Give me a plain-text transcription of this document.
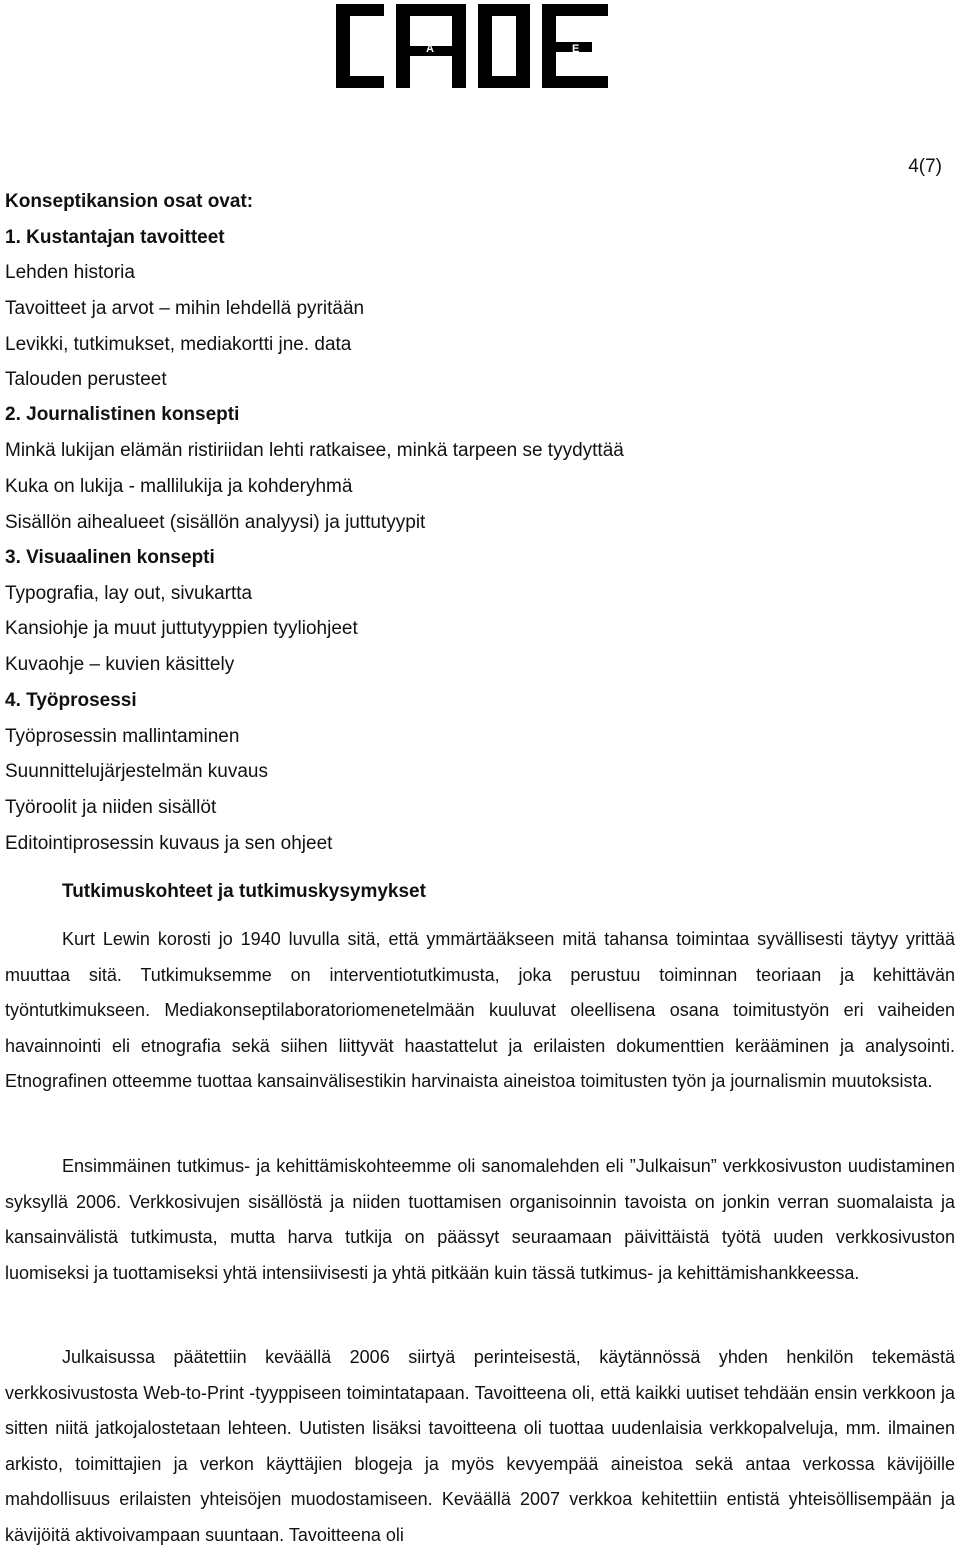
I	A	D	E
4(7)
Konseptikansion osat ovat:
1. Kustantajan tavoitteet
Lehden historia
Tavoitteet ja arvot – mihin lehdellä pyritään
Levikki, tutkimukset, mediakortti jne. data
Talouden perusteet
2. Journalistinen konsepti
Minkä lukijan elämän ristiriidan lehti ratkaisee, minkä tarpeen se tyydyttää
Kuka on lukija - mallilukija ja kohderyhmä
Sisällön aihealueet (sisällön analyysi) ja juttutyypit
3. Visuaalinen konsepti
Typografia, lay out, sivukartta
Kansiohje ja muut juttutyyppien tyyliohjeet
Kuvaohje – kuvien käsittely
4. Työprosessi
Työprosessin mallintaminen
Suunnittelujärjestelmän kuvaus
Työroolit ja niiden sisällöt
Editointiprosessin kuvaus ja sen ohjeet
Tutkimuskohteet ja tutkimuskysymykset
Kurt Lewin korosti jo 1940 luvulla sitä, että ymmärtääkseen mitä tahansa toimintaa syvällisesti täytyy yrittää muuttaa sitä. Tutkimuksemme on interventiotutkimusta, joka perustuu toiminnan teoriaan ja kehittävän työntutkimukseen. Mediakonseptilaboratoriomenetelmään kuuluvat oleellisena osana toimitustyön eri vaiheiden havainnointi eli etnografia sekä siihen liittyvät haastattelut ja erilaisten dokumenttien kerääminen ja analysointi. Etnografinen otteemme tuottaa kansainvälisestikin harvinaista aineistoa toimitusten työn ja journalismin muutoksista.
Ensimmäinen tutkimus- ja kehittämiskohteemme oli sanomalehden eli ”Julkaisun” verkkosivuston uudistaminen syksyllä 2006. Verkkosivujen sisällöstä ja niiden tuottamisen organisoinnin tavoista on jonkin verran suomalaista ja kansainvälistä tutkimusta, mutta harva tutkija on päässyt seuraamaan päivittäistä työtä uuden verkkosivuston luomiseksi ja tuottamiseksi yhtä intensiivisesti ja yhtä pitkään kuin tässä tutkimus- ja kehittämishankkeessa.
Julkaisussa päätettiin keväällä 2006 siirtyä perinteisestä, käytännössä yhden henkilön tekemästä verkkosivustosta Web-to-Print -tyyppiseen toimintatapaan. Tavoitteena oli, että kaikki uutiset tehdään ensin verkkoon ja sitten niitä jatkojalostetaan lehteen. Uutisten lisäksi tavoitteena oli tuottaa uudenlaisia verkkopalveluja, mm. ilmainen arkisto, toimittajien ja verkon käyttäjien blogeja ja myös kevyempää aineistoa sekä antaa verkossa kävijöille mahdollisuus erilaisten yhteisöjen muodostamiseen. Keväällä 2007 verkkoa kehitettiin entistä yhteisöllisempään ja kävijöitä aktivoivampaan suuntaan. Tavoitteena oli
